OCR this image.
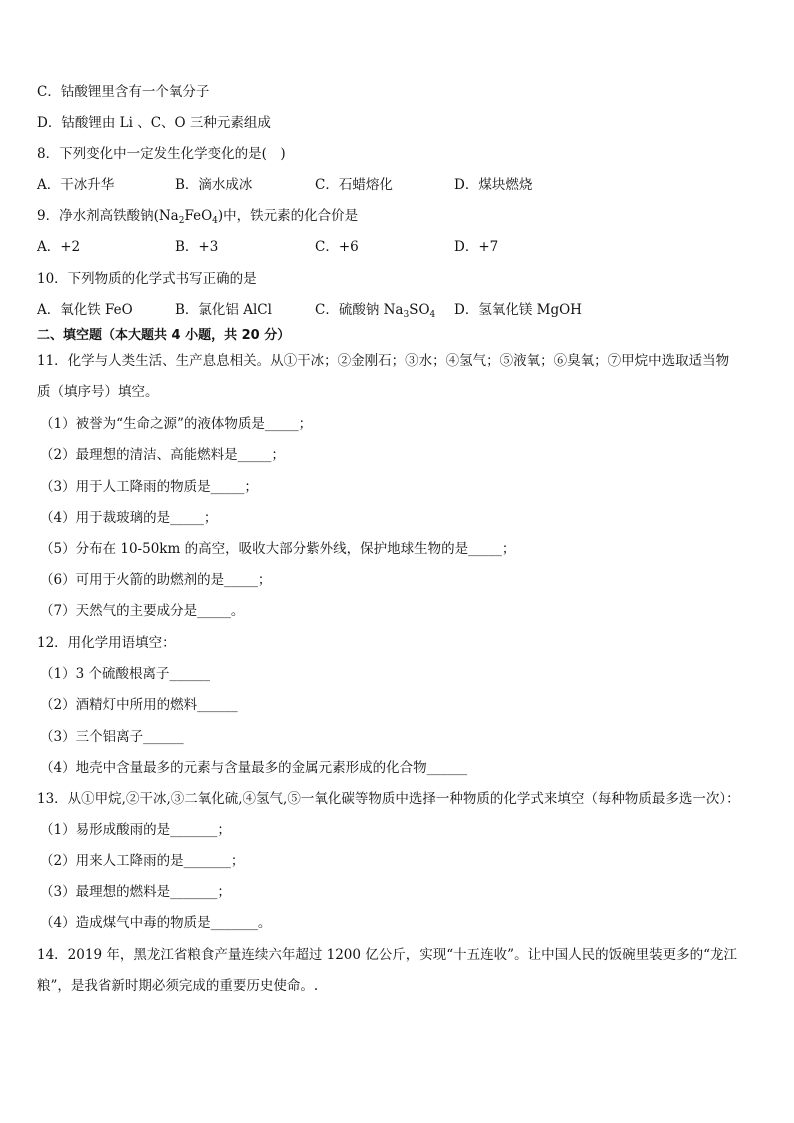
C．钴酸锂里含有一个氧分子
D．钴酸锂由 Li 、C、O 三种元素组成
8．下列变化中一定发生化学变化的是(　)
A．干冰升华	B．滴水成冰	C．石蜡熔化	D．煤块燃烧
9．净水剂高铁酸钠$(Na_2FeO_4)$中，铁元素的化合价是
A．+2	B．+3	C．+6	D．+7
10．下列物质的化学式书写正确的是
A．氧化铁 FeO	B．氯化铝 AlCl	C．硫酸钠 $Na_3SO_4$ D．氢氧化镁 MgOH
二、填空题（本大题共 4 小题，共 20 分）
11．化学与人类生活、生产息息相关。从①干冰；②金刚石；③水；④氢气；⑤液氧；⑥臭氧；⑦甲烷中选取适当物
质（填序号）填空。
（1）被誉为“生命之源”的液体物质是_____；
（2）最理想的清洁、高能燃料是_____；
（3）用于人工降雨的物质是_____；
（4）用于裁玻璃的是_____；
（5）分布在 10-50km 的高空，吸收大部分紫外线，保护地球生物的是_____；
（6）可用于火箭的助燃剂的是_____；
（7）天然气的主要成分是_____。
12．用化学用语填空：
（1）3 个硫酸根离子______
（2）酒精灯中所用的燃料______
（3）三个铝离子______
（4）地壳中含量最多的元素与含量最多的金属元素形成的化合物______
13．从①甲烷,②干冰,③二氧化硫,④氢气,⑤一氧化碳等物质中选择一种物质的化学式来填空（每种物质最多选一次）：
（1）易形成酸雨的是_______；
（2）用来人工降雨的是_______；
（3）最理想的燃料是_______；
（4）造成煤气中毒的物质是_______。
14．2019 年，黑龙江省粮食产量连续六年超过 1200 亿公斤，实现“十五连收”。让中国人民的饭碗里装更多的“龙江
粮”，是我省新时期必须完成的重要历史使命。.
